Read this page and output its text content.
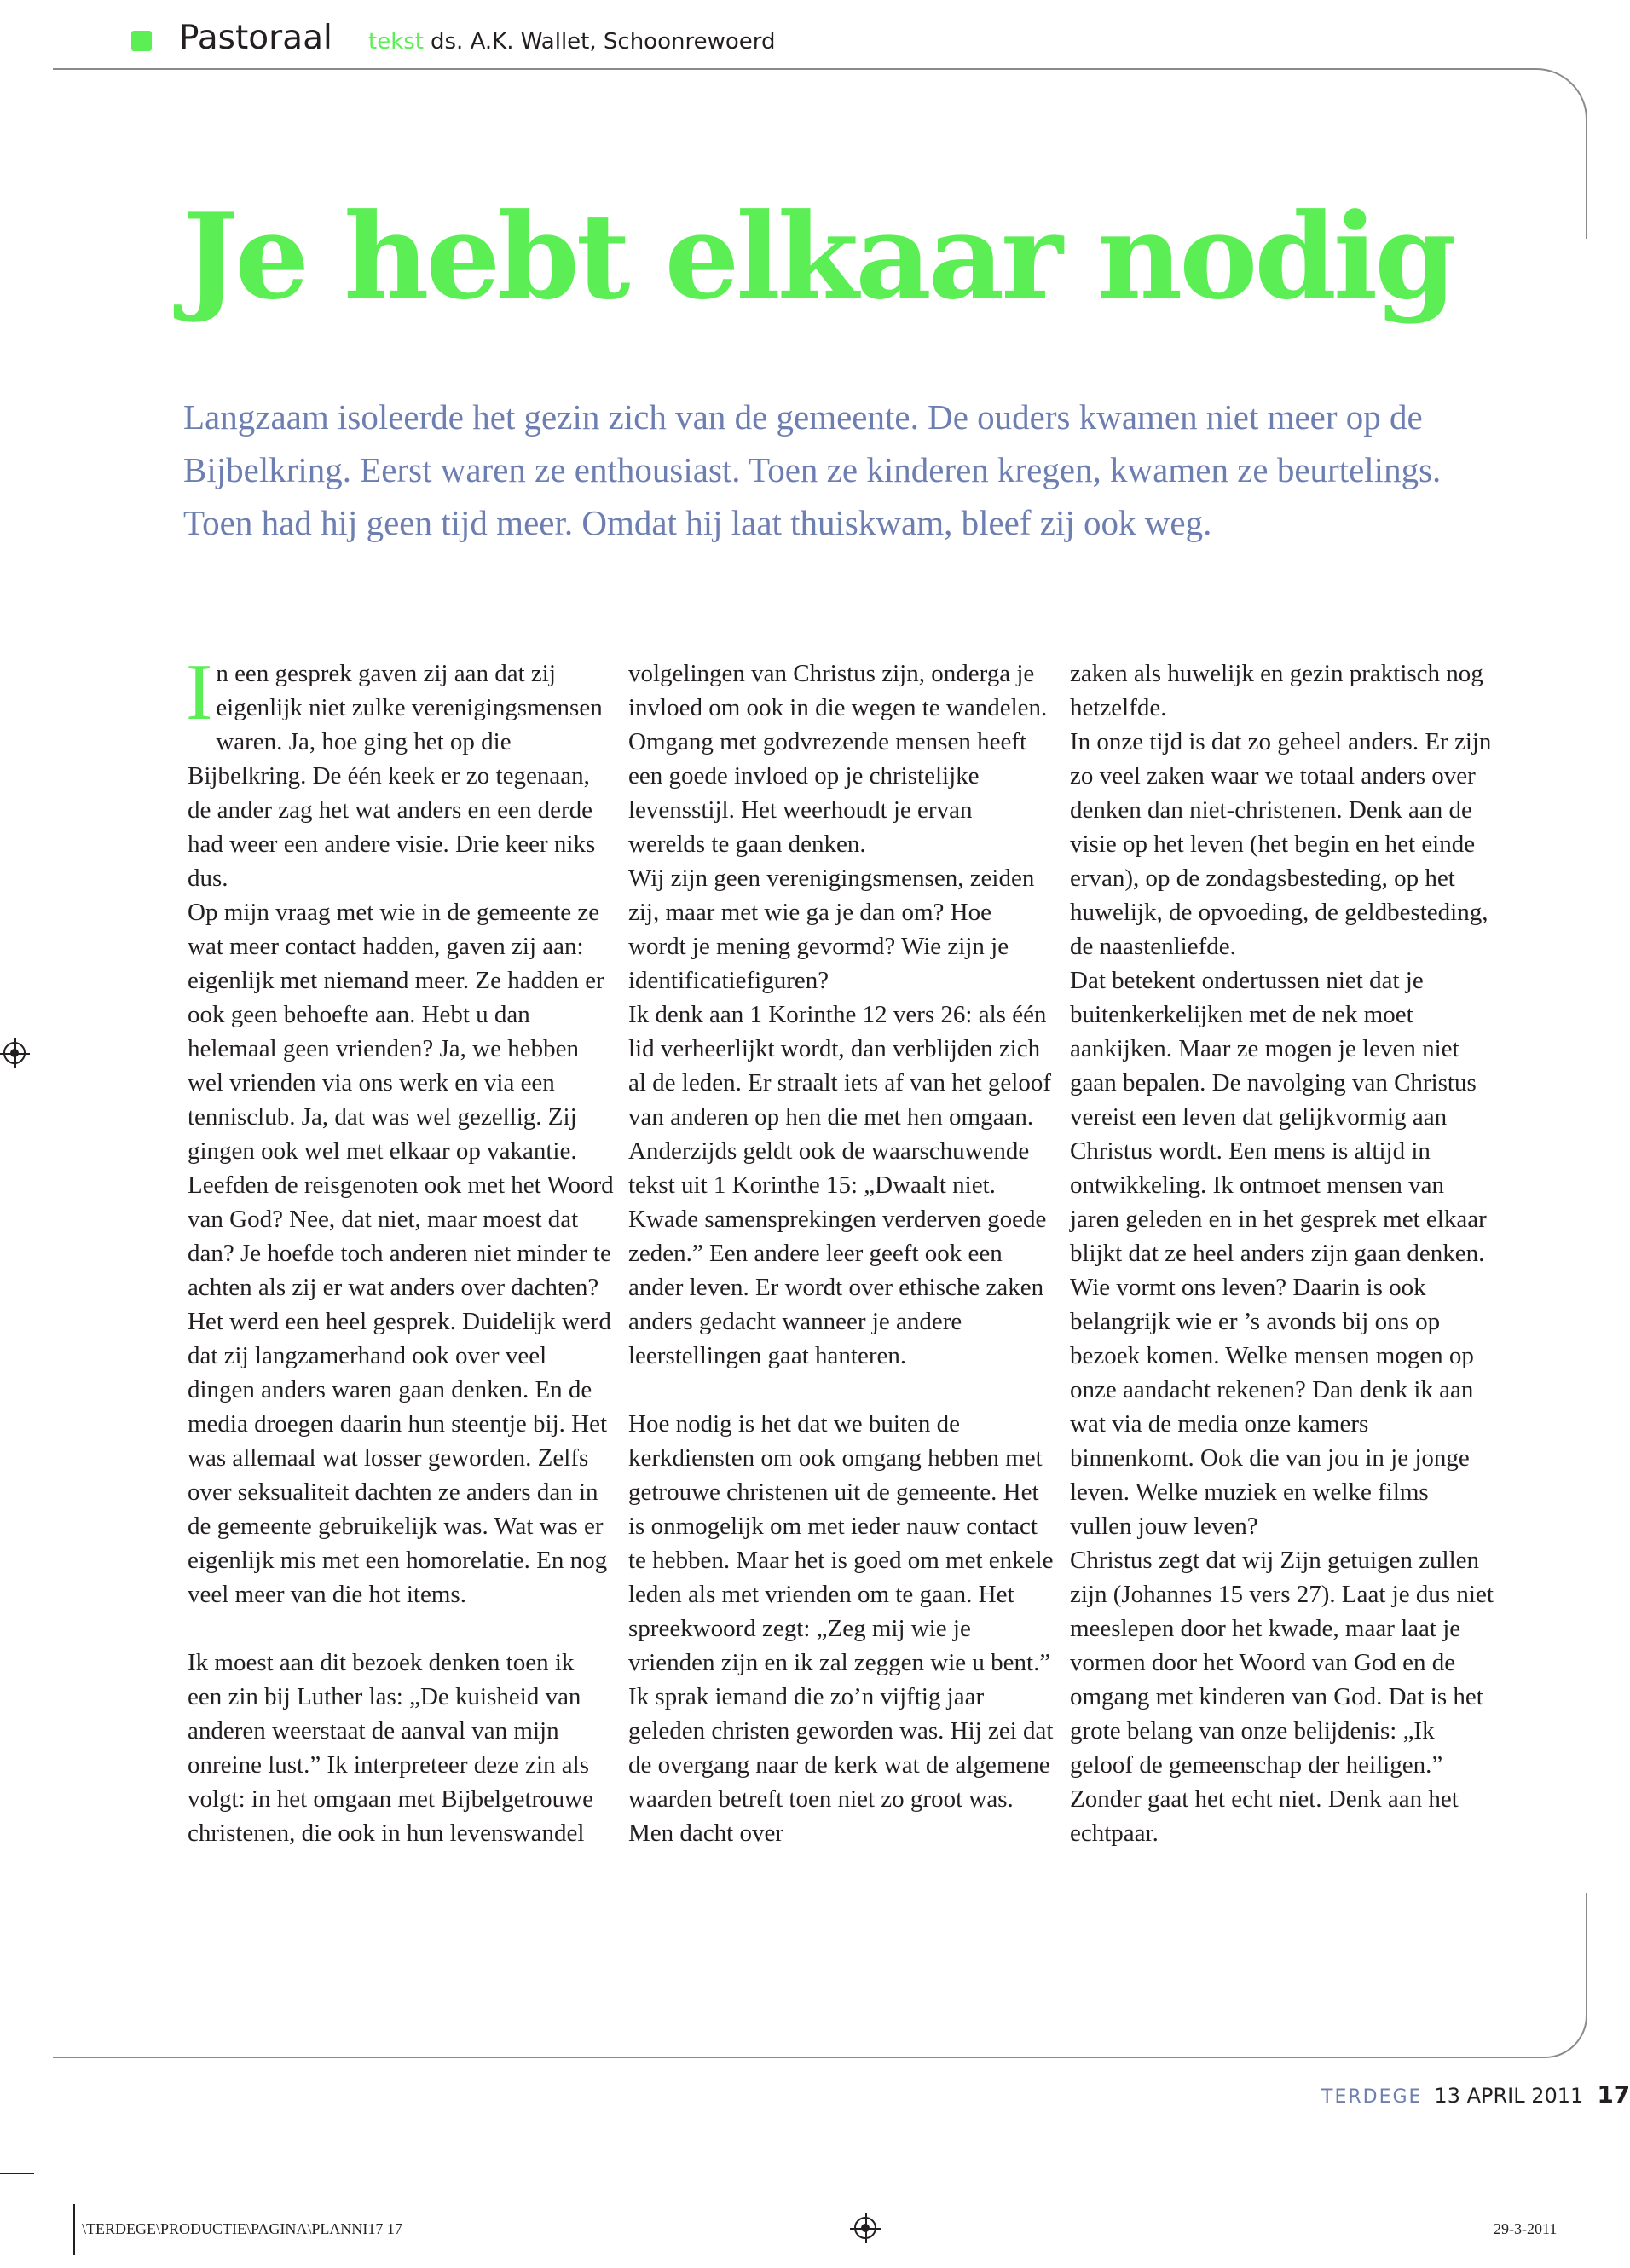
Pastoraal tekst ds. A.K. Wallet, Schoonrewoerd
Je hebt elkaar nodig

Langzaam isoleerde het gezin zich van de gemeente. De ouders kwamen niet meer op de Bijbelkring. Eerst waren ze enthousiast. Toen ze kinderen kregen, kwamen ze beurtelings. Toen had hij geen tijd meer. Omdat hij laat thuiskwam, bleef zij ook weg.

In een gesprek gaven zij aan dat zij eigenlijk niet zulke verenigingsmensen waren. Ja, hoe ging het op die Bijbelkring. De één keek er zo tegenaan, de ander zag het wat anders en een derde had weer een andere visie. Drie keer niks dus.

Op mijn vraag met wie in de gemeente ze wat meer contact hadden, gaven zij aan: eigenlijk met niemand meer. Ze hadden er ook geen behoefte aan. Hebt u dan helemaal geen vrienden? Ja, we hebben wel vrienden via ons werk en via een tennisclub. Ja, dat was wel gezellig. Zij gingen ook wel met elkaar op vakantie. Leefden de reisgenoten ook met het Woord van God? Nee, dat niet, maar moest dat dan? Je hoefde toch anderen niet minder te achten als zij er wat anders over dachten? Het werd een heel gesprek. Duidelijk werd dat zij langzamerhand ook over veel dingen anders waren gaan denken. En de media droegen daarin hun steentje bij. Het was allemaal wat losser geworden. Zelfs over seksualiteit dachten ze anders dan in de gemeente gebruikelijk was. Wat was er eigenlijk mis met een homorelatie. En nog veel meer van die hot items.

Ik moest aan dit bezoek denken toen ik een zin bij Luther las: „De kuisheid van anderen weerstaat de aanval van mijn onreine lust.” Ik interpreteer deze zin als volgt: in het omgaan met Bijbelgetrouwe christenen, die ook in hun levenswandel

volgelingen van Christus zijn, onderga je invloed om ook in die wegen te wandelen.

Omgang met godvrezende mensen heeft een goede invloed op je christelijke levensstijl. Het weerhoudt je ervan werelds te gaan denken.

Wij zijn geen verenigingsmensen, zeiden zij, maar met wie ga je dan om? Hoe wordt je mening gevormd? Wie zijn je identificatiefiguren?

Ik denk aan 1 Korinthe 12 vers 26: als één lid verheerlijkt wordt, dan verblijden zich al de leden. Er straalt iets af van het geloof van anderen op hen die met hen omgaan. Anderzijds geldt ook de waarschuwende tekst uit 1 Korinthe 15: „Dwaalt niet. Kwade samensprekingen verderven goede zeden.” Een andere leer geeft ook een ander leven. Er wordt over ethische zaken anders gedacht wanneer je andere leerstellingen gaat hanteren.

Hoe nodig is het dat we buiten de kerkdiensten om ook omgang hebben met getrouwe christenen uit de gemeente. Het is onmogelijk om met ieder nauw contact te hebben. Maar het is goed om met enkele leden als met vrienden om te gaan. Het spreekwoord zegt: „Zeg mij wie je vrienden zijn en ik zal zeggen wie u bent.”

Ik sprak iemand die zo’n vijftig jaar geleden christen geworden was. Hij zei dat de overgang naar de kerk wat de algemene waarden betreft toen niet zo groot was. Men dacht over

zaken als huwelijk en gezin praktisch nog hetzelfde.

In onze tijd is dat zo geheel anders. Er zijn zo veel zaken waar we totaal anders over denken dan niet-christenen. Denk aan de visie op het leven (het begin en het einde ervan), op de zondagsbesteding, op het huwelijk, de opvoeding, de geldbesteding, de naastenliefde.

Dat betekent ondertussen niet dat je buitenkerkelijken met de nek moet aankijken. Maar ze mogen je leven niet gaan bepalen. De navolging van Christus vereist een leven dat gelijkvormig aan Christus wordt. Een mens is altijd in ontwikkeling. Ik ontmoet mensen van jaren geleden en in het gesprek met elkaar blijkt dat ze heel anders zijn gaan denken.

Wie vormt ons leven? Daarin is ook belangrijk wie er ’s avonds bij ons op bezoek komen. Welke mensen mogen op onze aandacht rekenen? Dan denk ik aan wat via de media onze kamers binnenkomt. Ook die van jou in je jonge leven. Welke muziek en welke films vullen jouw leven?

Christus zegt dat wij Zijn getuigen zullen zijn (Johannes 15 vers 27). Laat je dus niet meeslepen door het kwade, maar laat je vormen door het Woord van God en de omgang met kinderen van God. Dat is het grote belang van onze belijdenis: „Ik geloof de gemeenschap der heiligen.” Zonder gaat het echt niet. Denk aan het echtpaar.

TERDEGE 13 APRIL 2011 17
\TERDEGE\PRODUCTIE\PAGINA\PLANNI17 17	29-3-2011
